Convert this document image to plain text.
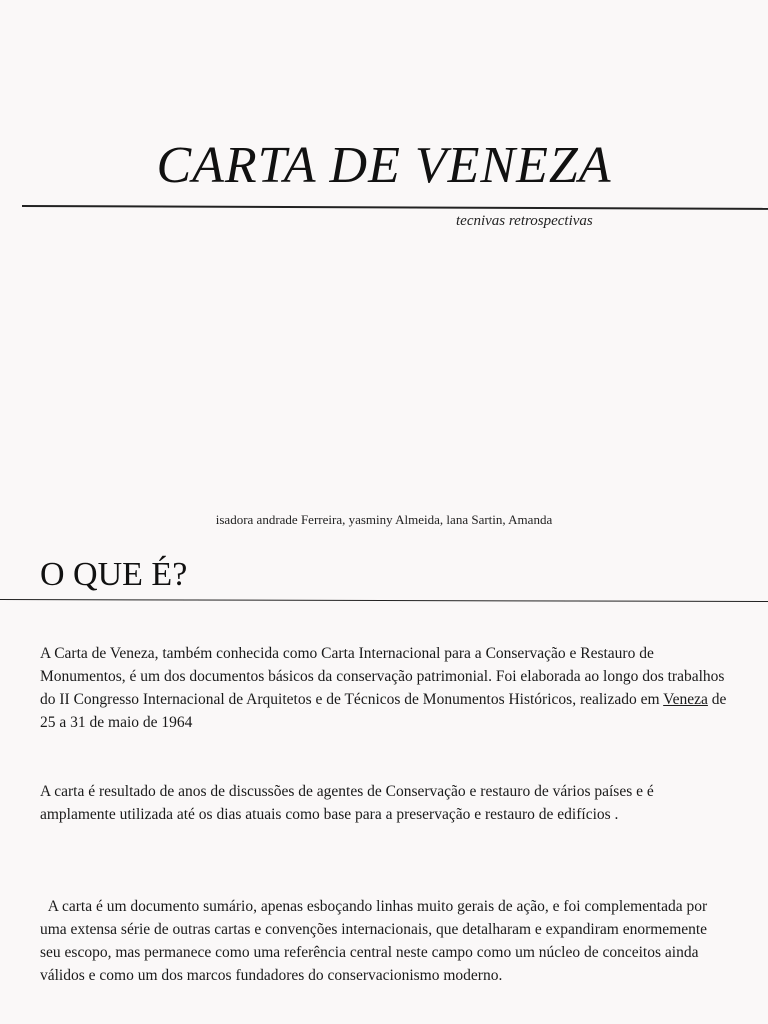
CARTA DE VENEZA
tecnivas retrospectivas
isadora andrade Ferreira, yasminy Almeida, lana Sartin, Amanda
O QUE É?

A Carta de Veneza, também conhecida como Carta Internacional para a Conservação e Restauro de Monumentos, é um dos documentos básicos da conservação patrimonial. Foi elaborada ao longo dos trabalhos do II Congresso Internacional de Arquitetos e de Técnicos de Monumentos Históricos, realizado em Veneza de 25 a 31 de maio de 1964

A carta é resultado de anos de discussões de agentes de Conservação e restauro de vários países e é amplamente utilizada até os dias atuais como base para a preservação e restauro de edifícios .

A carta é um documento sumário, apenas esboçando linhas muito gerais de ação, e foi complementada por uma extensa série de outras cartas e convenções internacionais, que detalharam e expandiram enormemente seu escopo, mas permanece como uma referência central neste campo como um núcleo de conceitos ainda válidos e como um dos marcos fundadores do conservacionismo moderno.
